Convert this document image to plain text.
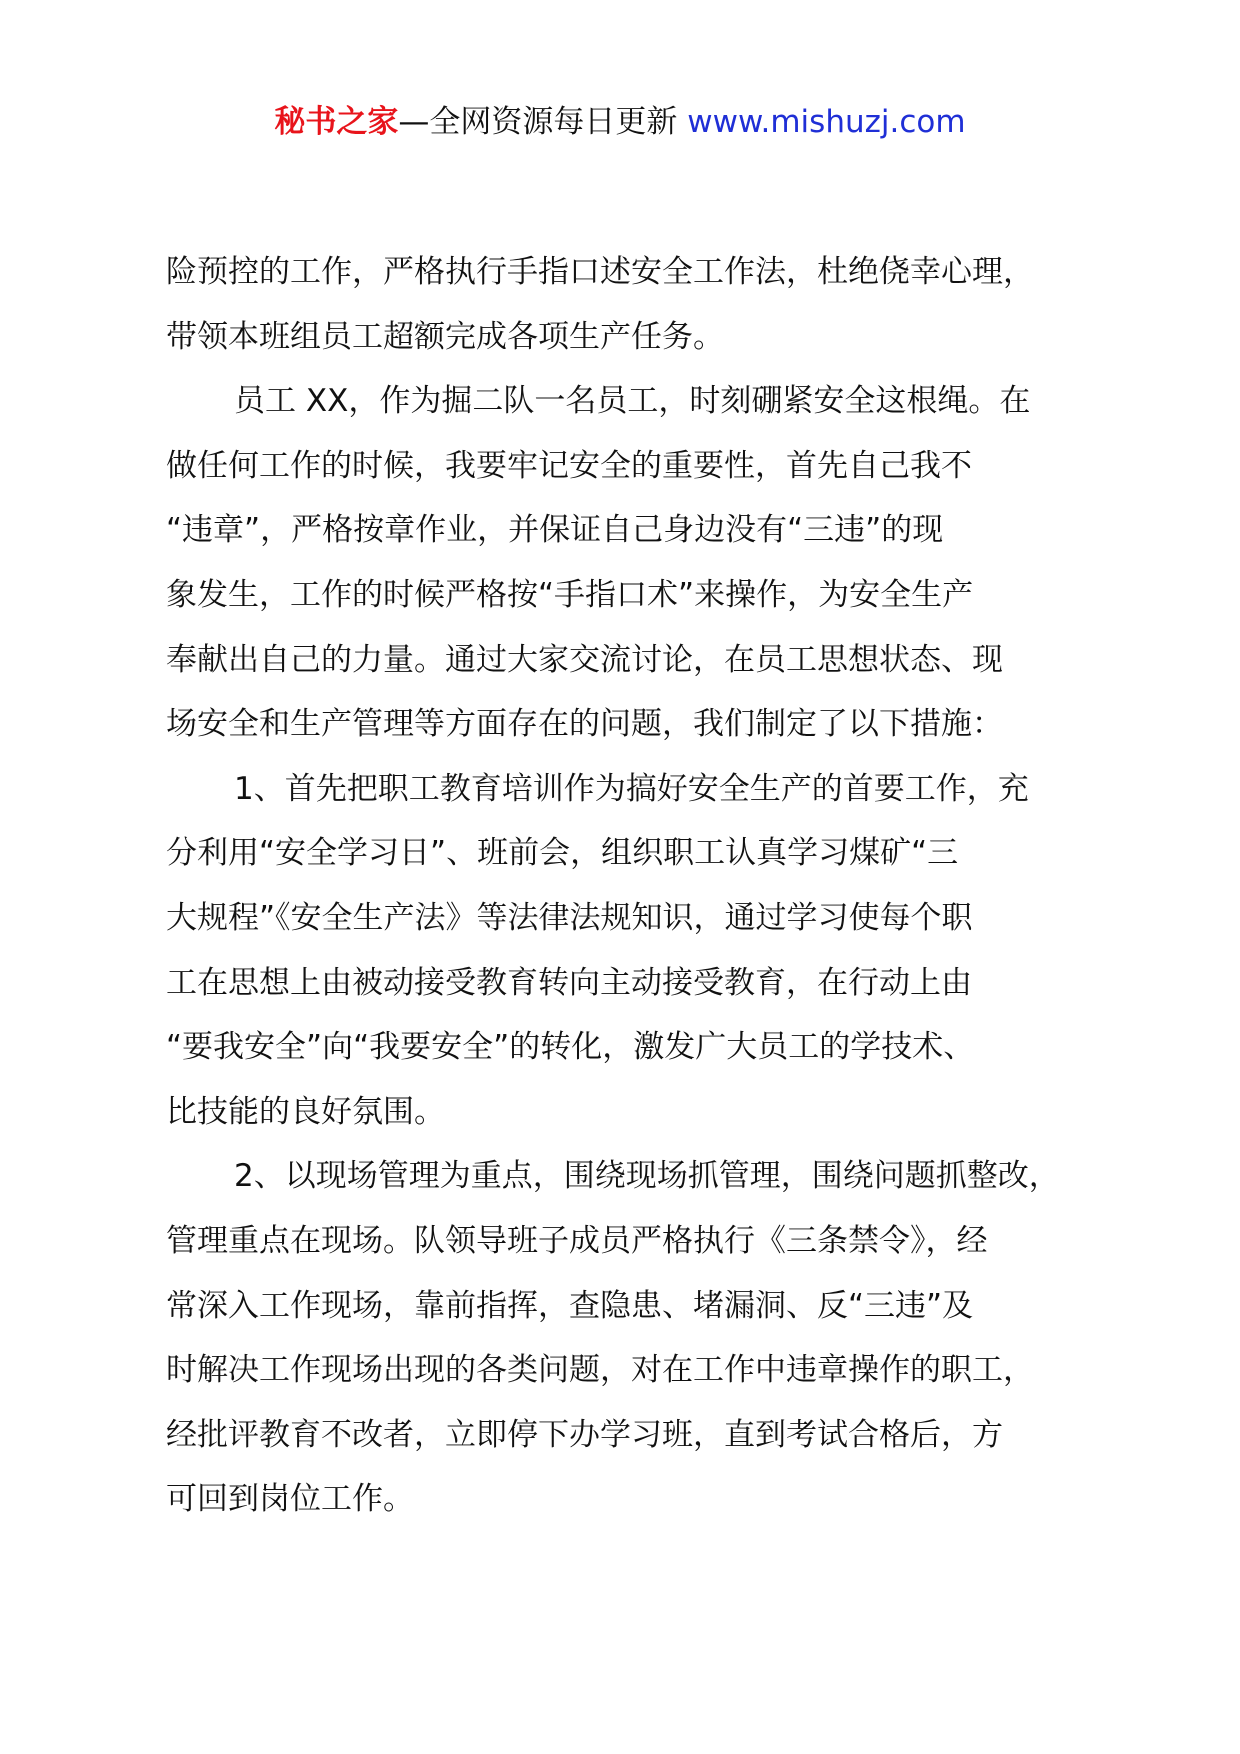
秘书之家—全网资源每日更新 www.mishuzj.com
险预控的工作，严格执行手指口述安全工作法，杜绝侥幸心理，
带领本班组员工超额完成各项生产任务。
员工 XX，作为掘二队一名员工，时刻硼紧安全这根绳。在
做任何工作的时候，我要牢记安全的重要性，首先自己我不
“违章”，严格按章作业，并保证自己身边没有“三违”的现
象发生，工作的时候严格按“手指口术”来操作，为安全生产
奉献出自己的力量。通过大家交流讨论，在员工思想状态、现
场安全和生产管理等方面存在的问题，我们制定了以下措施：
1、首先把职工教育培训作为搞好安全生产的首要工作，充
分利用“安全学习日”、班前会，组织职工认真学习煤矿“三
大规程”《安全生产法》等法律法规知识，通过学习使每个职
工在思想上由被动接受教育转向主动接受教育，在行动上由
“要我安全”向“我要安全”的转化，激发广大员工的学技术、
比技能的良好氛围。
2、以现场管理为重点，围绕现场抓管理，围绕问题抓整改，
管理重点在现场。队领导班子成员严格执行《三条禁令》，经
常深入工作现场，靠前指挥，查隐患、堵漏洞、反“三违”及
时解决工作现场出现的各类问题，对在工作中违章操作的职工，
经批评教育不改者，立即停下办学习班，直到考试合格后，方
可回到岗位工作。
